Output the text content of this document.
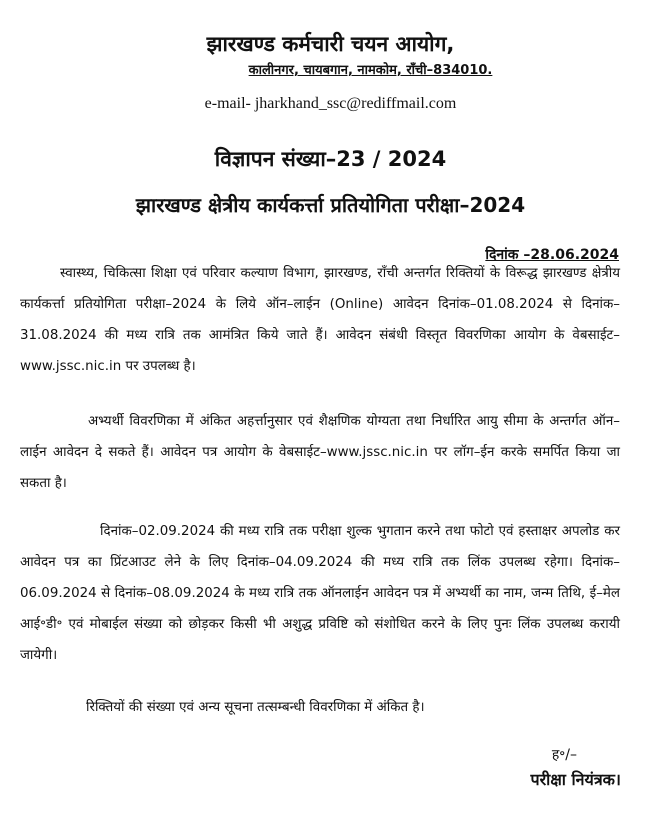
झारखण्ड कर्मचारी चयन आयोग,
कालीनगर, चायबगान, नामकोम, राँची–834010.
e-mail- jharkhand_ssc@rediffmail.com
विज्ञापन संख्या–23 / 2024
झारखण्ड क्षेत्रीय कार्यकर्त्ता प्रतियोगिता परीक्षा–2024
दिनांक –28.06.2024
स्वास्थ्य, चिकित्सा शिक्षा एवं परिवार कल्याण विभाग, झारखण्ड, राँची अन्तर्गत रिक्तियों के विरूद्ध झारखण्ड क्षेत्रीय कार्यकर्त्ता प्रतियोगिता परीक्षा–2024 के लिये ऑन–लाईन (Online) आवेदन दिनांक–01.08.2024 से दिनांक–31.08.2024 की मध्य रात्रि तक आमंत्रित किये जाते हैं। आवेदन संबंधी विस्तृत विवरणिका आयोग के वेबसाईट–www.jssc.nic.in पर उपलब्ध है।
अभ्यर्थी विवरणिका में अंकित अहर्त्तानुसार एवं शैक्षणिक योग्यता तथा निर्धारित आयु सीमा के अन्तर्गत ऑन–लाईन आवेदन दे सकते हैं। आवेदन पत्र आयोग के वेबसाईट–www.jssc.nic.in पर लॉग–ईन करके समर्पित किया जा सकता है।
दिनांक–02.09.2024 की मध्य रात्रि तक परीक्षा शुल्क भुगतान करने तथा फोटो एवं हस्ताक्षर अपलोड कर आवेदन पत्र का प्रिंटआउट लेने के लिए दिनांक–04.09.2024 की मध्य रात्रि तक लिंक उपलब्ध रहेगा। दिनांक–06.09.2024 से दिनांक–08.09.2024 के मध्य रात्रि तक ऑनलाईन आवेदन पत्र में अभ्यर्थी का नाम, जन्म तिथि, ई–मेल आई॰डी॰ एवं मोबाईल संख्या को छोड़कर किसी भी अशुद्ध प्रविष्टि को संशोधित करने के लिए पुनः लिंक उपलब्ध करायी जायेगी।
रिक्तियों की संख्या एवं अन्य सूचना तत्सम्बन्धी विवरणिका में अंकित है।
ह॰/–
परीक्षा नियंत्रक।
